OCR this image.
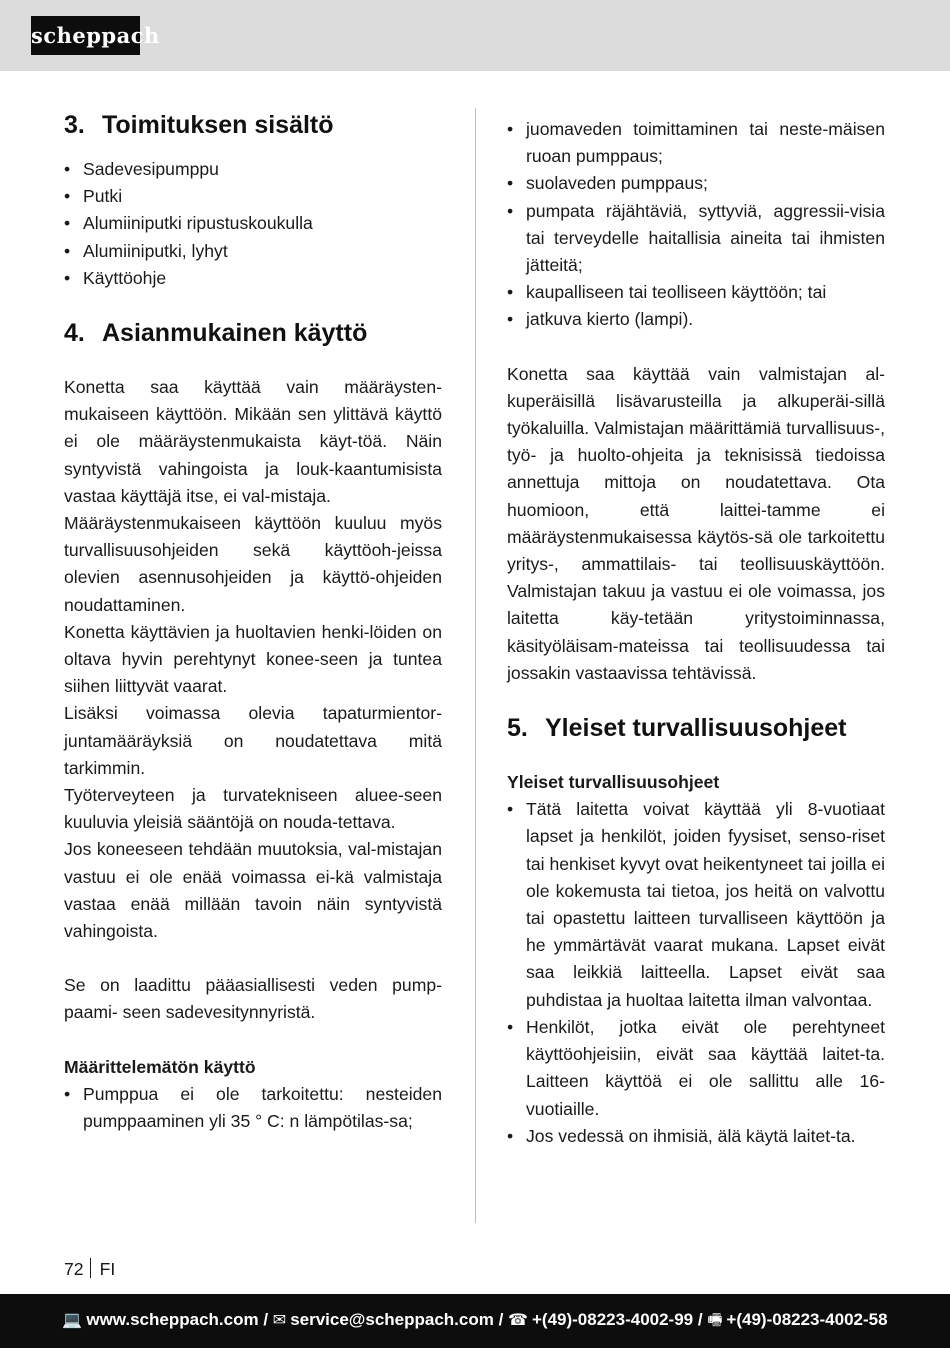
scheppach
3. Toimituksen sisältö
• Sadevesipumppu
• Putki
• Alumiiniputki ripustuskoukulla
• Alumiiniputki, lyhyt
• Käyttöohje
4. Asianmukainen käyttö

Konetta saa käyttää vain määräysten-mukaiseen käyttöön. Mikään sen ylittävä käyttö ei ole määräystenmukaista käyt-töä. Näin syntyvistä vahingoista ja louk-kaantumisista vastaa käyttäjä itse, ei val-mistaja.

Määräystenmukaiseen käyttöön kuuluu myös turvallisuusohjeiden sekä käyttöoh-jeissa olevien asennusohjeiden ja käyttö-ohjeiden noudattaminen.

Konetta käyttävien ja huoltavien henki-löiden on oltava hyvin perehtynyt konee-seen ja tuntea siihen liittyvät vaarat.

Lisäksi voimassa olevia tapaturmientor-juntamääräyksiä on noudatettava mitä tarkimmin.

Työterveyteen ja turvatekniseen aluee-seen kuuluvia yleisiä sääntöjä on nouda-tettava.

Jos koneeseen tehdään muutoksia, val-mistajan vastuu ei ole enää voimassa ei-kä valmistaja vastaa enää millään tavoin näin syntyvistä vahingoista.

Se on laadittu pääasiallisesti veden pump-paami- seen sadevesitynnyristä.

Määrittelemätön käyttö

• Pumppua ei ole tarkoitettu: nesteiden pumppaaminen yli 35 ° C: n lämpötilas-sa;
• juomaveden toimittaminen tai neste-mäisen ruoan pumppaus;
• suolaveden pumppaus;
• pumpata räjähtäviä, syttyviä, aggressii-visia tai terveydelle haitallisia aineita tai ihmisten jätteitä;
• kaupalliseen tai teolliseen käyttöön; tai
• jatkuva kierto (lampi).

Konetta saa käyttää vain valmistajan al-kuperäisillä lisävarusteilla ja alkuperäi-sillä työkaluilla. Valmistajan määrittämiä turvallisuus-, työ- ja huolto-ohjeita ja teknisissä tiedoissa annettuja mittoja on noudatettava. Ota huomioon, että laittei-tamme ei määräystenmukaisessa käytös-sä ole tarkoitettu yritys-, ammattilais- tai teollisuuskäyttöön. Valmistajan takuu ja vastuu ei ole voimassa, jos laitetta käy-tetään yritystoiminnassa, käsityöläisam-mateissa tai teollisuudessa tai jossakin vastaavissa tehtävissä.

5. Yleiset turvallisuusohjeet

Yleiset turvallisuusohjeet

• Tätä laitetta voivat käyttää yli 8-vuotiaat lapset ja henkilöt, joiden fyysiset, senso-riset tai henkiset kyvyt ovat heikentyneet tai joilla ei ole kokemusta tai tietoa, jos heitä on valvottu tai opastettu laitteen turvalliseen käyttöön ja he ymmärtävät vaarat mukana. Lapset eivät saa leikkiä laitteella. Lapset eivät saa puhdistaa ja huoltaa laitetta ilman valvontaa.
• Henkilöt, jotka eivät ole perehtyneet käyttöohjeisiin, eivät saa käyttää laitet-ta. Laitteen käyttöä ei ole sallittu alle 16-vuotiaille.
• Jos vedessä on ihmisiä, älä käytä laitet-ta.
72 FI
💻 www.scheppach.com / ✉ service@scheppach.com / ☎ +(49)-08223-4002-99 / 🖷 +(49)-08223-4002-58
